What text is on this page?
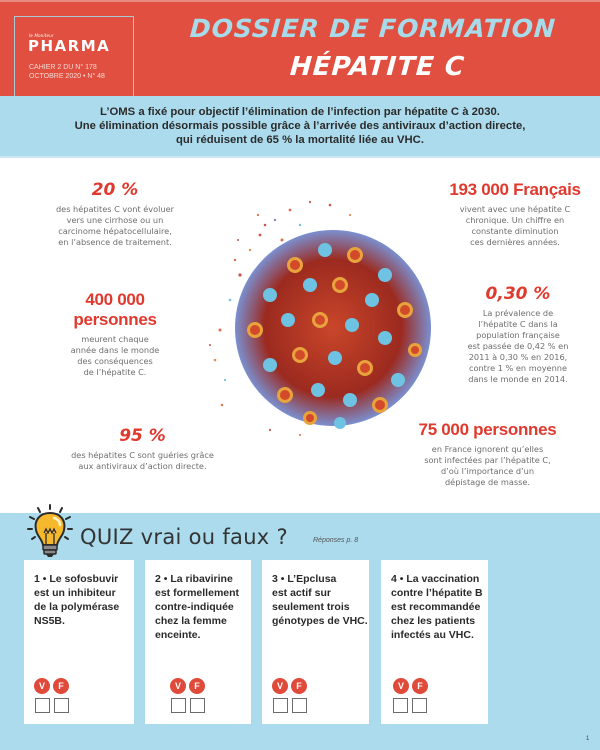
le Moniteur
PHARMA
CAHIER 2 DU N° 178
OCTOBRE 2020 • N° 48
DOSSIER DE FORMATION
HÉPATITE C
L’OMS a fixé pour objectif l’élimination de l’infection par hépatite C à 2030.
Une élimination désormais possible grâce à l’arrivée des antiviraux d’action directe,
qui réduisent de 65 % la mortalité liée au VHC.
20 %
des hépatites C vont évoluer
vers une cirrhose ou un
carcinome hépatocellulaire,
en l’absence de traitement.
400 000
personnes
meurent chaque
année dans le monde
des conséquences
de l’hépatite C.
95 %
des hépatites C sont guéries grâce
aux antiviraux d’action directe.
193 000 Français
vivent avec une hépatite C
chronique. Un chiffre en
constante diminution
ces dernières années.
0,30 %
La prévalence de
l’hépatite C dans la
population française
est passée de 0,42 % en
2011 à 0,30 % en 2016,
contre 1 % en moyenne
dans le monde en 2014.
75 000 personnes
en France ignorent qu’elles
sont infectées par l’hépatite C,
d’où l’importance d’un
dépistage de masse.
QUIZ vrai ou faux ?	Réponses p. 8
1 • Le sofosbuvir
est un inhibiteur
de la polymérase
NS5B.
V	F
2 • La ribavirine
est formellement
contre-indiquée
chez la femme
enceinte.
V	F
3 • L’Epclusa
est actif sur
seulement trois
génotypes de VHC.
V	F
4 • La vaccination
contre l’hépatite B
est recommandée
chez les patients
infectés au VHC.
V	F
1
